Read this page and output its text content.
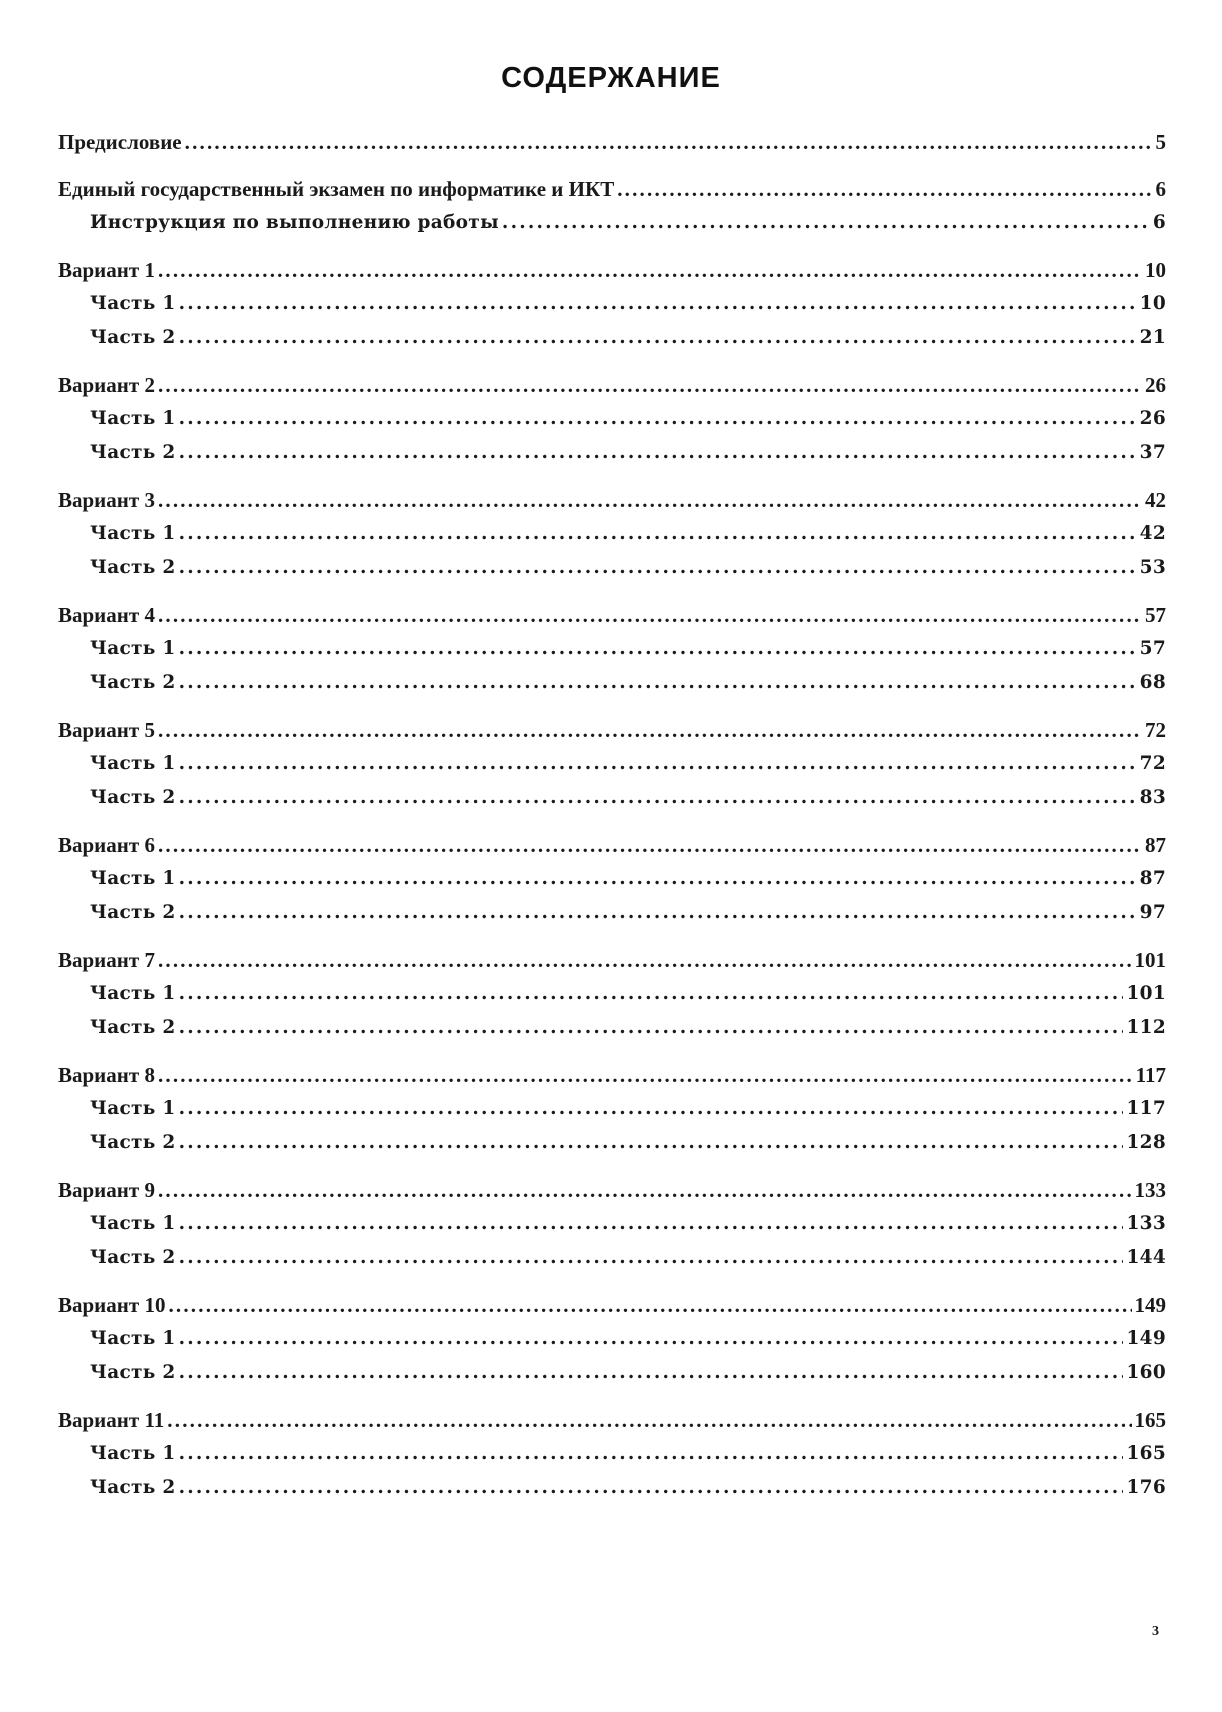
СОДЕРЖАНИЕ
Предисловие .....	5
Единый государственный экзамен по информатике и ИКТ .....	6
Инструкция по выполнению работы .....	6
Вариант 1 .....	10
Часть 1 .....	10
Часть 2 .....	21
Вариант 2 .....	26
Часть 1 .....	26
Часть 2 .....	37
Вариант 3 .....	42
Часть 1 .....	42
Часть 2 .....	53
Вариант 4 .....	57
Часть 1 .....	57
Часть 2 .....	68
Вариант 5 .....	72
Часть 1 .....	72
Часть 2 .....	83
Вариант 6 .....	87
Часть 1 .....	87
Часть 2 .....	97
Вариант 7 .....	101
Часть 1 .....	101
Часть 2 .....	112
Вариант 8 .....	117
Часть 1 .....	117
Часть 2 .....	128
Вариант 9 .....	133
Часть 1 .....	133
Часть 2 .....	144
Вариант 10 .....	149
Часть 1 .....	149
Часть 2 .....	160
Вариант 11 .....	165
Часть 1 .....	165
Часть 2 .....	176
3
